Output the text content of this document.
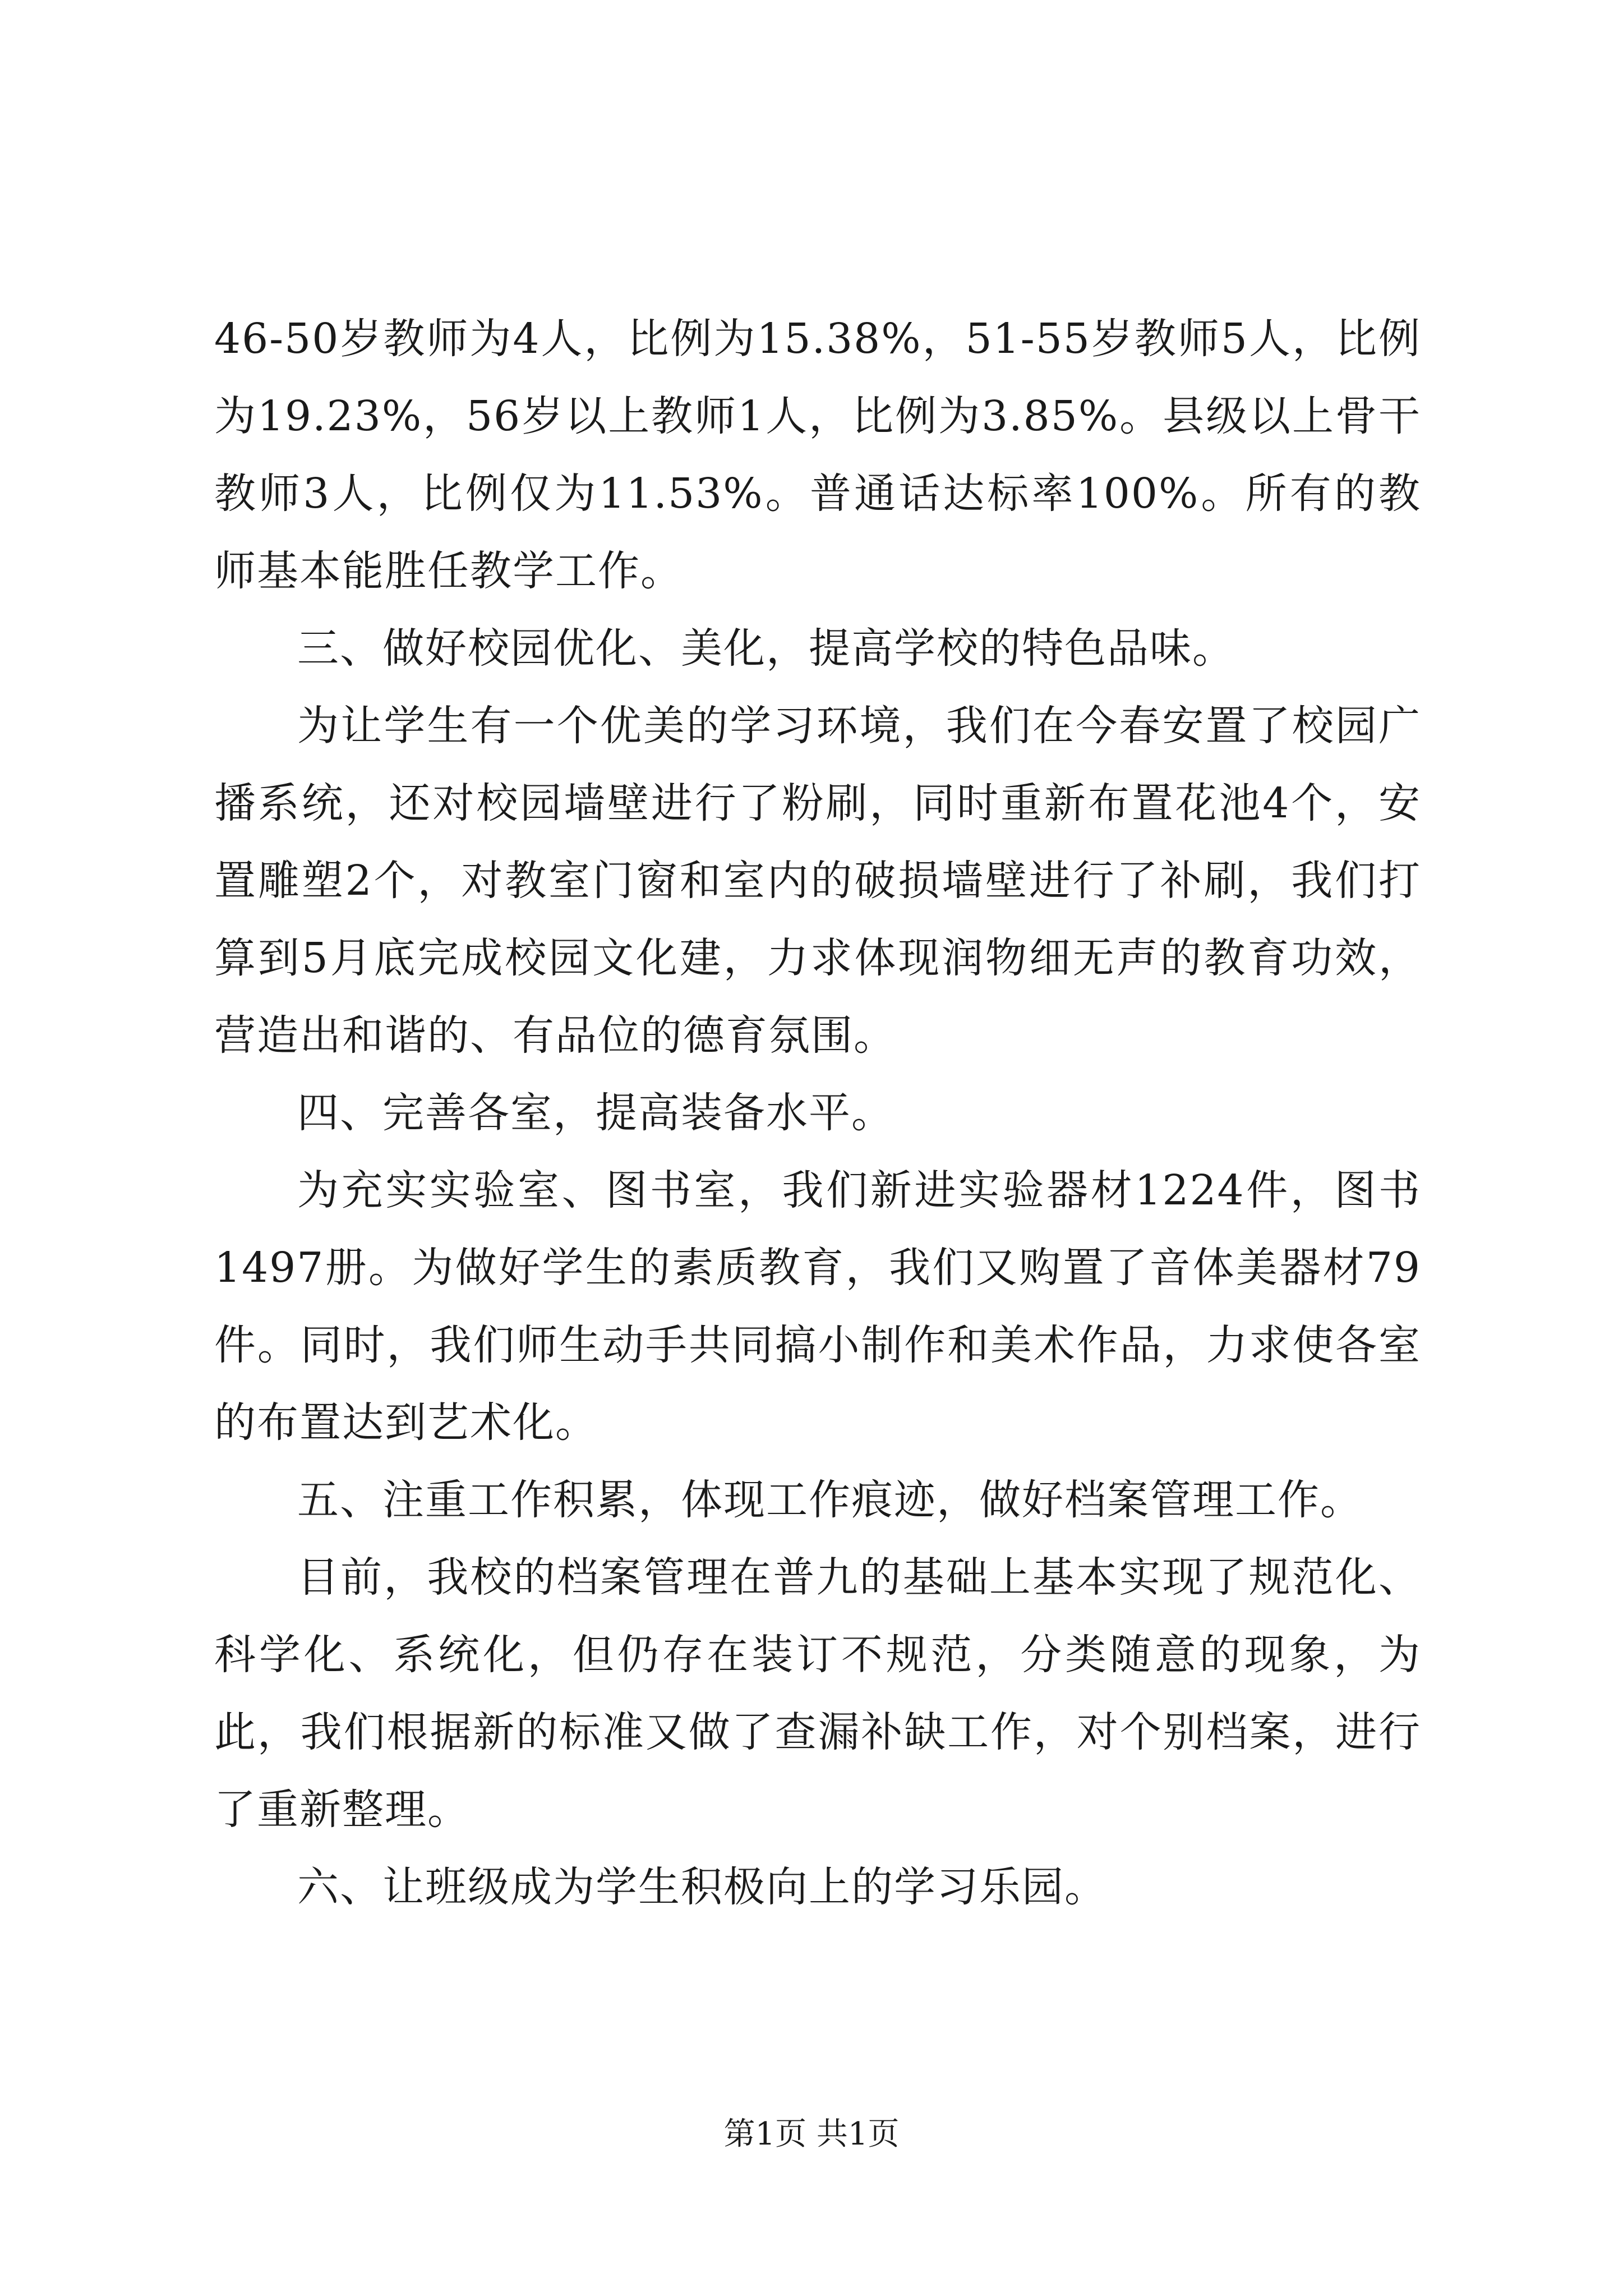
46-50岁教师为4人，比例为15.38%，51-55岁教师5人，比例为19.23%，56岁以上教师1人，比例为3.85%。县级以上骨干教师3人，比例仅为11.53%。普通话达标率100%。所有的教师基本能胜任教学工作。

三、做好校园优化、美化，提高学校的特色品味。

为让学生有一个优美的学习环境，我们在今春安置了校园广播系统，还对校园墙壁进行了粉刷，同时重新布置花池4个，安置雕塑2个，对教室门窗和室内的破损墙壁进行了补刷，我们打算到5月底完成校园文化建，力求体现润物细无声的教育功效，营造出和谐的、有品位的德育氛围。

四、完善各室，提高装备水平。

为充实实验室、图书室，我们新进实验器材1224件，图书1497册。为做好学生的素质教育，我们又购置了音体美器材79件。同时，我们师生动手共同搞小制作和美术作品，力求使各室的布置达到艺术化。

五、注重工作积累，体现工作痕迹，做好档案管理工作。

目前，我校的档案管理在普九的基础上基本实现了规范化、科学化、系统化，但仍存在装订不规范，分类随意的现象，为此，我们根据新的标准又做了查漏补缺工作，对个别档案，进行了重新整理。

六、让班级成为学生积极向上的学习乐园。

第1页 共1页
